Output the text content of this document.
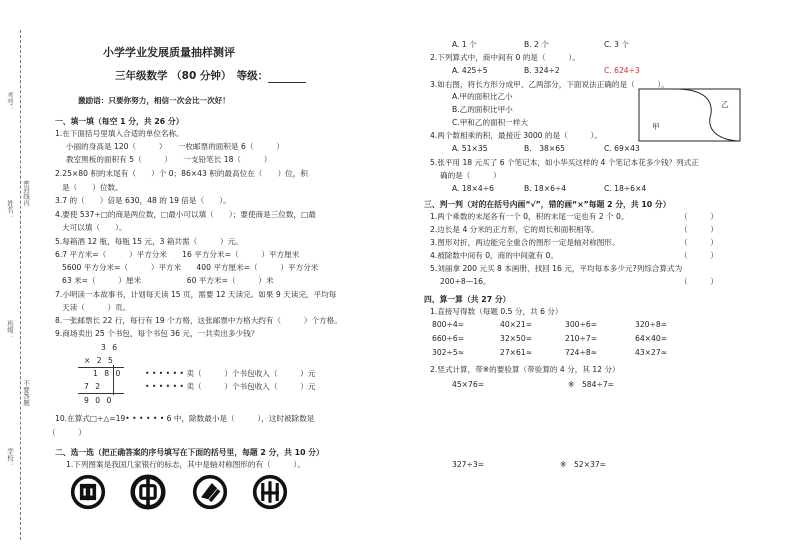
考号：
姓名：
班级：
学校：
密封线内
不要答题
小学学业发展质量抽样测评
三年级数学 （80 分钟）　等级：
激励语：只要你努力，相信一次会比一次好！
一、填一填（每空 1 分，共 26 分）
1.在下面括号里填入合适的单位名称。
小丽的身高是 120（　　　）　　一枚邮票的面积是 6（　　　）
教室黑板的面积有 5（　　　）　　一支铅笔长 18（　　　）
2.25×80 积的末尾有（　　）个 0；86×43 积的最高位在（　　）位，积
是（　　）位数。
3.7 的（　　）倍是 630，48 的 19 倍是（　　）。
4.要使 537÷□的商是两位数，□最小可以填（　　）；要使商是三位数，□最
大可以填（　　）。
5.每箱酒 12 瓶，每瓶 15 元，3 箱共需（　　　）元。
6.7 平方米=（　　　）平方分米　　16 平方分米=（　　　）平方厘米
5600 平方分米=（　　　）平方米　　400 平方厘米=（　　　）平方分米
63 米=（　　　）厘米　　　　　　60 平方米=（　　　）米
7.小明读一本故事书，计划每天读 15 页，需要 12 天读完。如果 9 天读完，平均每
天读（　　　）页。
8.一张邮票长 22 行，每行有 19 个方格，这张邮票中方格大约有（　　　）个方格。
9.商场卖出 25 个书包，每个书包 36 元，一共卖出多少钱？
3 6
× 2 5
1 8 0
7 2
9 0 0
• • • • • • 卖（　　　）个书包收入（　　　）元
• • • • • • 卖（　　　）个书包收入（　　　）元
10.在算式□÷△=19• • • • • • 6 中，除数最小是（　　　），这时被除数是
（　　　）
二、选一选（把正确答案的序号填写在下面的括号里，每题 2 分，共 10 分）
1.下列图案是我国几家银行的标志，其中是轴对称图形的有（　　　）。
A. 1 个	B. 2 个	C. 3 个
2.下列算式中，商中间有 0 的是（　　　）。
A. 425÷5	B. 324÷2	C. 624÷3
3.如右图，将长方形分成甲、乙两部分，下面说法正确的是（　　　）。
A.甲的面积比乙小
B.乙的面积比甲小
C.甲和乙的面积一样大	甲
乙
4.两个数相乘的积，最接近 3000 的是（　　　）。
A. 51×35	B.　38×65	C. 69×43
5.张平用 18 元买了 6 个笔记本，如小华买这样的 4 个笔记本花多少钱？列式正
确的是（　　　）
A. 18×4÷6	B. 18×6÷4	C. 18÷6×4
三、判一判（对的在括号内画“√”，错的画“×”每题 2 分，共 10 分）
1.两个乘数的末尾各有一个 0，积的末尾一定也有 2 个 0。	（　　　）
2.边长是 4 分米的正方形，它的周长和面积相等。	（　　　）
3.图形对折，两边能完全重合的图形一定是轴对称图形。	（　　　）
4.被除数中间有 0，商的中间就有 0。	（　　　）
5.刘丽拿 200 元买 8 本画册，找回 16 元，平均每本多少元?列综合算式为
200÷8—16。	（　　　）
四、算一算（共 27 分）
1.直接写得数（每题 0.5 分，共 6 分）
800÷4=	40×21=	300÷6=	320÷8=
660÷6=	32×50=	210÷7=	64×40=
302÷5≈	27×61≈	724÷8≈	43×27≈
2.竖式计算，带※的要验算（带验算的 4 分，其 12 分）
45×76=	※　584÷7=
327÷3=	※　52×37=
